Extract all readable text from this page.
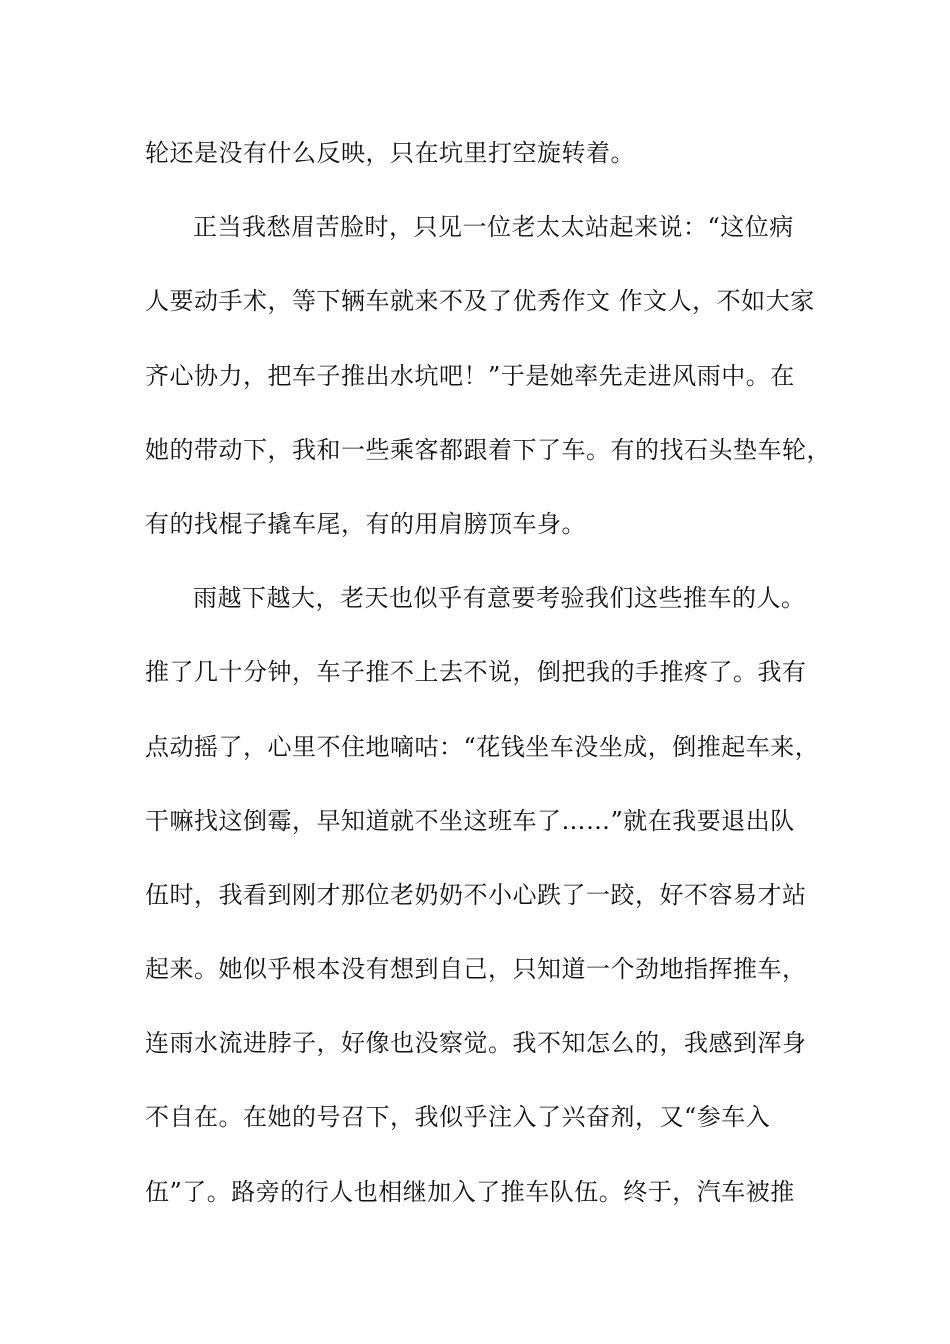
轮还是没有什么反映，只在坑里打空旋转着。
正当我愁眉苦脸时，只见一位老太太站起来说：“这位病
人要动手术，等下辆车就来不及了优秀作文 作文人，不如大家
齐心协力，把车子推出水坑吧！”于是她率先走进风雨中。在
她的带动下，我和一些乘客都跟着下了车。有的找石头垫车轮，
有的找棍子撬车尾，有的用肩膀顶车身。
雨越下越大，老天也似乎有意要考验我们这些推车的人。
推了几十分钟，车子推不上去不说，倒把我的手推疼了。我有
点动摇了，心里不住地嘀咕：“花钱坐车没坐成，倒推起车来，
干嘛找这倒霉，早知道就不坐这班车了……”就在我要退出队
伍时，我看到刚才那位老奶奶不小心跌了一跤，好不容易才站
起来。她似乎根本没有想到自己，只知道一个劲地指挥推车，
连雨水流进脖子，好像也没察觉。我不知怎么的，我感到浑身
不自在。在她的号召下，我似乎注入了兴奋剂，又“参车入
伍”了。路旁的行人也相继加入了推车队伍。终于，汽车被推
